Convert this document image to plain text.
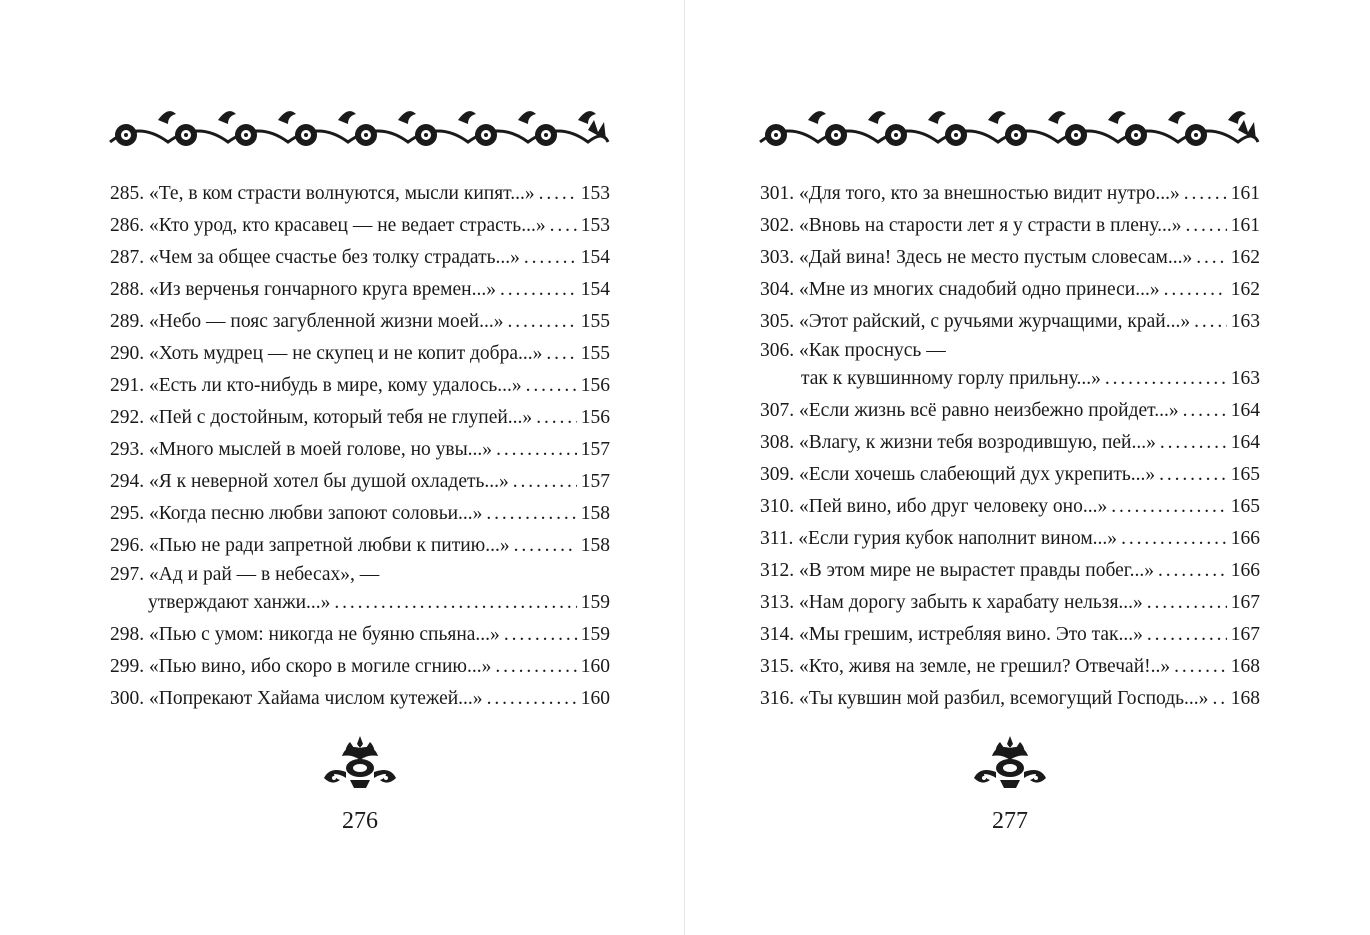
285.
«Те, в ком страсти волнуются, мысли кипят...» . . . 153
286.
«Кто урод, кто красавец — не ведает страсть...» . . . 153
287.
«Чем за общее счастье без толку страдать...» . . .	154
288.
«Из верченья гончарного круга времен...» . . .	154
289.
«Небо — пояс загубленной жизни моей...» . . .	155
290.
«Хоть мудрец — не скупец и не копит добра...» . . . 155
291.
«Есть ли кто-нибудь в мире, кому удалось...» . . .	156
292.
«Пей с достойным, который тебя не глупей...» . . . 156
293.
«Много мыслей в моей голове, но увы...» . . .	157
294.
«Я к неверной хотел бы душой охладеть...» . . .	157
295.
«Когда песню любви запоют соловьи...» . . .	158
296.
«Пью не ради запретной любви к питию...» . . .	158
297.
«Ад и рай — в небесах», —
утверждают ханжи...» . . .	159
298.
«Пью с умом: никогда не буяню спьяна...» . . .	159
299.
«Пью вино, ибо скоро в могиле сгнию...» . . .	160
300.
«Попрекают Хайама числом кутежей...» . . .	160
276
301.
«Для того, кто за внешностью видит нутро...» . . .	161
302.
«Вновь на старости лет я у страсти в плену...» . . .	161
303.
«Дай вина! Здесь не место пустым словесам...» . . . 162
304.
«Мне из многих снадобий одно принеси...» . . .	162
305.
«Этот райский, с ручьями журчащими, край...» . . . 163
306.
«Как проснусь —
так к кувшинному горлу прильну...» . . .	163
307.
«Если жизнь всё равно неизбежно пройдет...» . . .	164
308.
«Влагу, к жизни тебя возродившую, пей...» . . .	164
309.
«Если хочешь слабеющий дух укрепить...» . . .	165
310.
«Пей вино, ибо друг человеку оно...» . . .	165
311.
«Если гурия кубок наполнит вином...» . . .	166
312.
«В этом мире не вырастет правды побег...» . . .	166
313.
«Нам дорогу забыть к харабату нельзя...» . . .	167
314.
«Мы грешим, истребляя вино. Это так...» . . .	167
315.
«Кто, живя на земле, не грешил? Отвечай!..» . . .	168
316.
«Ты кувшин мой разбил, всемогущий Господь...» . . . 168
277
